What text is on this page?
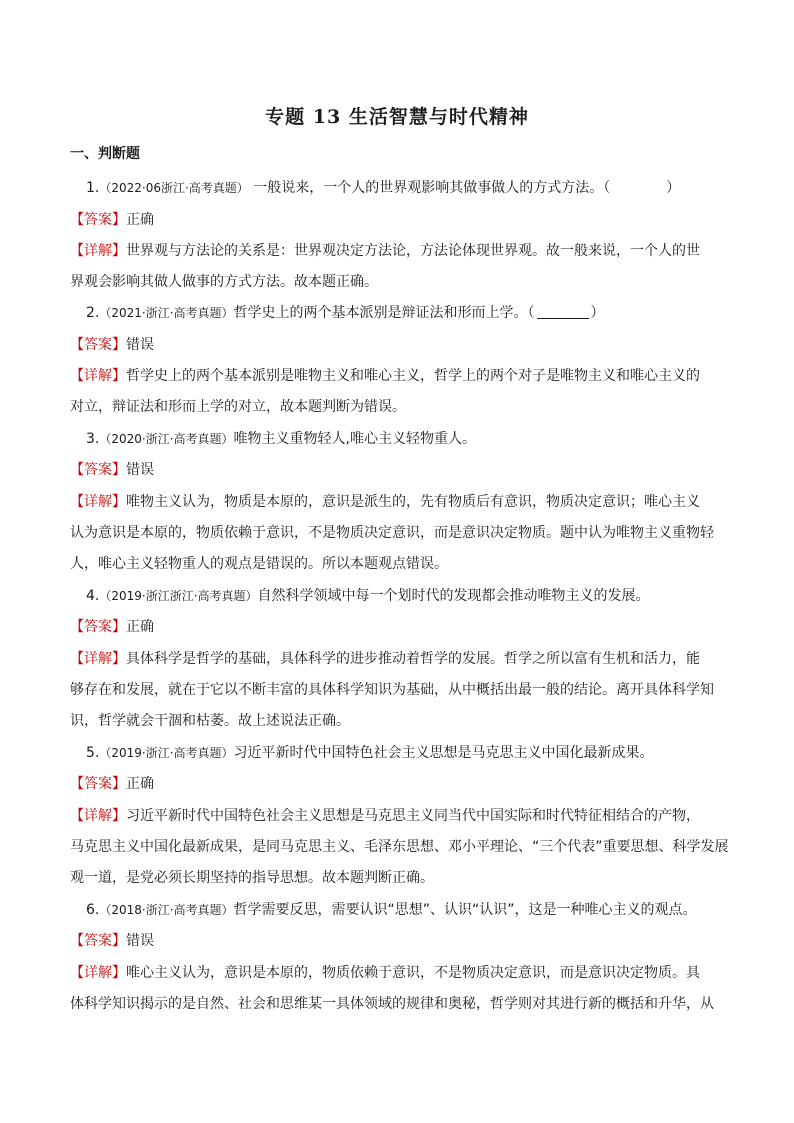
专题 13 生活智慧与时代精神
一、判断题
1.（2022·06浙江·高考真题） 一般说来，一个人的世界观影响其做事做人的方式方法。（	）
【答案】正确
【详解】世界观与方法论的关系是：世界观决定方法论，方法论体现世界观。故一般来说，一个人的世
界观会影响其做人做事的方式方法。故本题正确。
2.（2021·浙江·高考真题）哲学史上的两个基本派别是辩证法和形而上学。（	）
【答案】错误
【详解】哲学史上的两个基本派别是唯物主义和唯心主义，哲学上的两个对子是唯物主义和唯心主义的
对立，辩证法和形而上学的对立，故本题判断为错误。
3.（2020·浙江·高考真题）唯物主义重物轻人,唯心主义轻物重人。
【答案】错误
【详解】唯物主义认为，物质是本原的，意识是派生的，先有物质后有意识，物质决定意识；唯心主义
认为意识是本原的，物质依赖于意识，不是物质决定意识，而是意识决定物质。题中认为唯物主义重物轻
人，唯心主义轻物重人的观点是错误的。所以本题观点错误。
4.（2019·浙江浙江·高考真题）自然科学领域中每一个划时代的发现都会推动唯物主义的发展。
【答案】正确
【详解】具体科学是哲学的基础，具体科学的进步推动着哲学的发展。哲学之所以富有生机和活力，能
够存在和发展，就在于它以不断丰富的具体科学知识为基础，从中概括出最一般的结论。离开具体科学知
识，哲学就会干涸和枯萎。故上述说法正确。
5.（2019·浙江·高考真题）习近平新时代中国特色社会主义思想是马克思主义中国化最新成果。
【答案】正确
【详解】习近平新时代中国特色社会主义思想是马克思主义同当代中国实际和时代特征相结合的产物，
马克思主义中国化最新成果，是同马克思主义、毛泽东思想、邓小平理论、“三个代表”重要思想、科学发展
观一道，是党必须长期坚持的指导思想。故本题判断正确。
6.（2018·浙江·高考真题）哲学需要反思，需要认识“思想”、认识“认识”，这是一种唯心主义的观点。
【答案】错误
【详解】唯心主义认为，意识是本原的，物质依赖于意识，不是物质决定意识，而是意识决定物质。具
体科学知识揭示的是自然、社会和思维某一具体领域的规律和奥秘，哲学则对其进行新的概括和升华，从
